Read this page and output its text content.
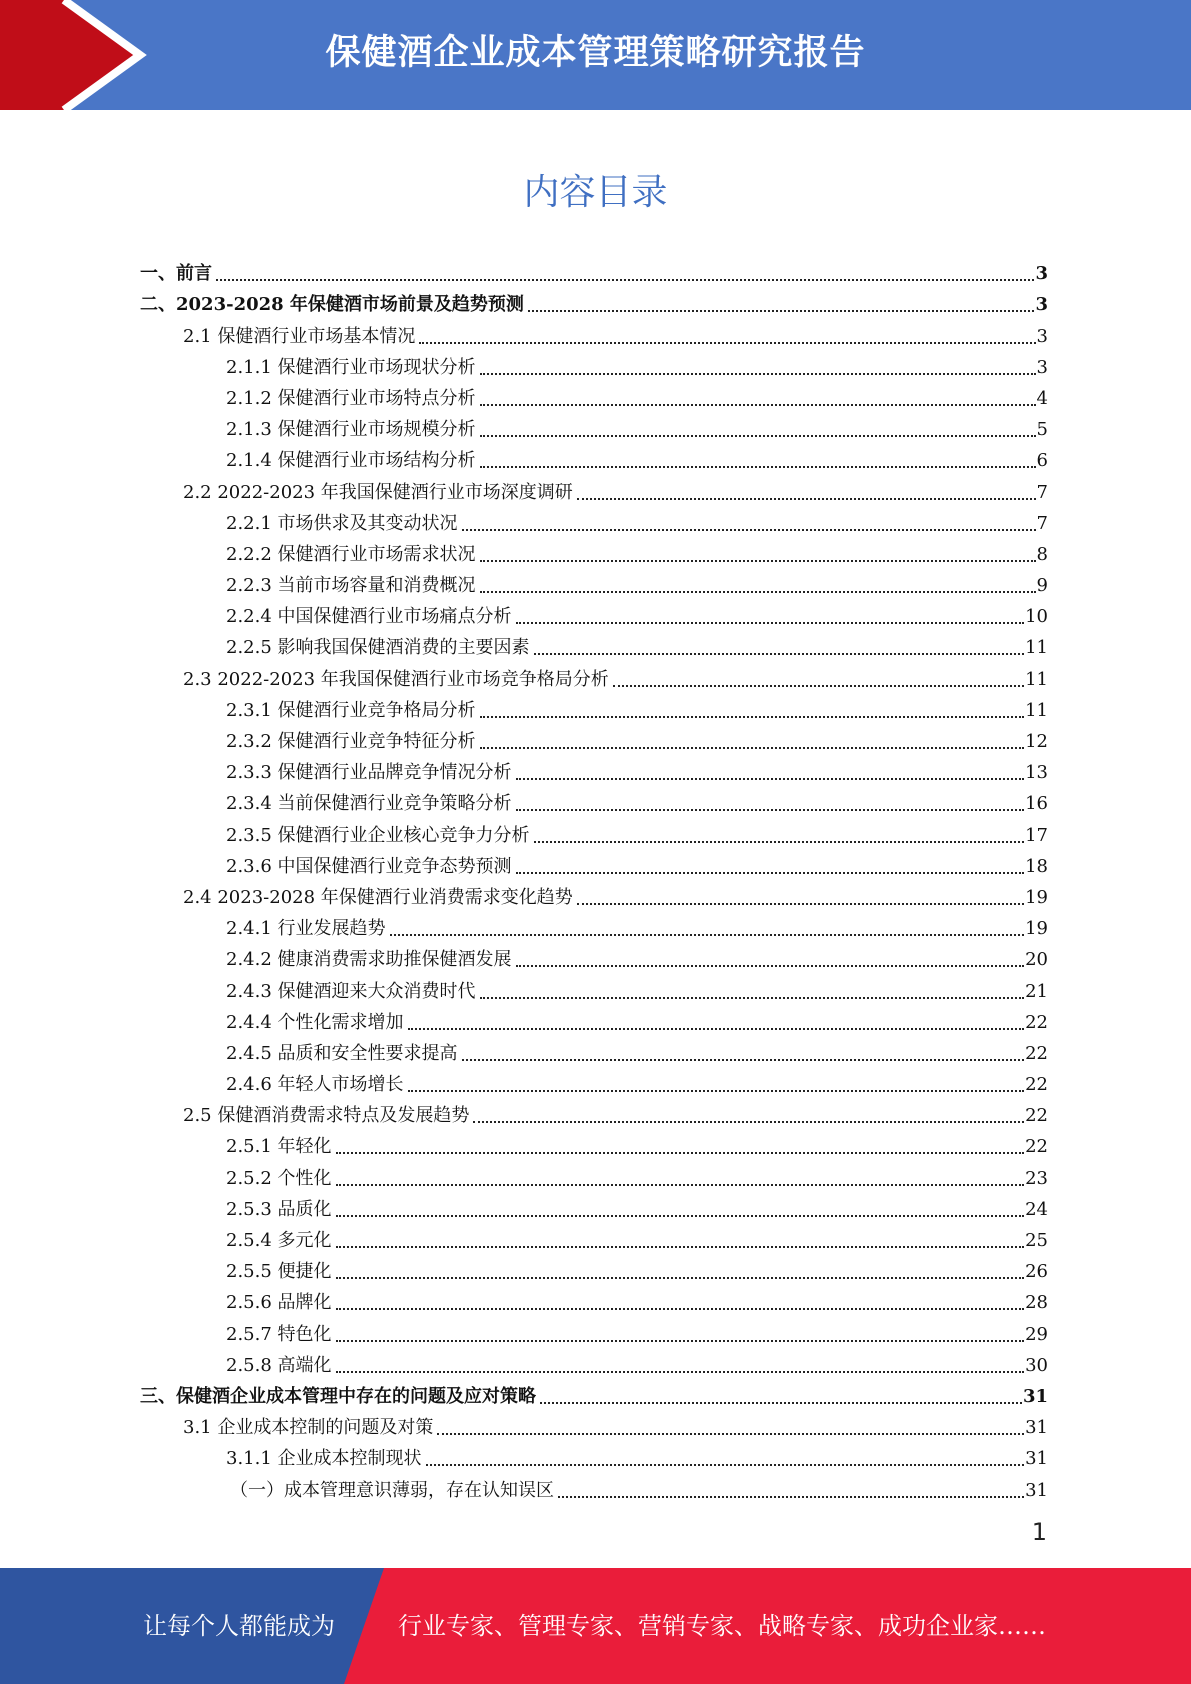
保健酒企业成本管理策略研究报告
内容目录
一、前言	3
二、2023-2028 年保健酒市场前景及趋势预测	3
2.1 保健酒行业市场基本情况	3
2.1.1 保健酒行业市场现状分析	3
2.1.2 保健酒行业市场特点分析	4
2.1.3 保健酒行业市场规模分析	5
2.1.4 保健酒行业市场结构分析	6
2.2 2022-2023 年我国保健酒行业市场深度调研	7
2.2.1 市场供求及其变动状况	7
2.2.2 保健酒行业市场需求状况	8
2.2.3 当前市场容量和消费概况	9
2.2.4 中国保健酒行业市场痛点分析	10
2.2.5 影响我国保健酒消费的主要因素	11
2.3 2022-2023 年我国保健酒行业市场竞争格局分析	11
2.3.1 保健酒行业竞争格局分析	11
2.3.2 保健酒行业竞争特征分析	12
2.3.3 保健酒行业品牌竞争情况分析	13
2.3.4 当前保健酒行业竞争策略分析	16
2.3.5 保健酒行业企业核心竞争力分析	17
2.3.6 中国保健酒行业竞争态势预测	18
2.4 2023-2028 年保健酒行业消费需求变化趋势	19
2.4.1 行业发展趋势	19
2.4.2 健康消费需求助推保健酒发展	20
2.4.3 保健酒迎来大众消费时代	21
2.4.4 个性化需求增加	22
2.4.5 品质和安全性要求提高	22
2.4.6 年轻人市场增长	22
2.5 保健酒消费需求特点及发展趋势	22
2.5.1 年轻化	22
2.5.2 个性化	23
2.5.3 品质化	24
2.5.4 多元化	25
2.5.5 便捷化	26
2.5.6 品牌化	28
2.5.7 特色化	29
2.5.8 高端化	30
三、保健酒企业成本管理中存在的问题及应对策略	31
3.1 企业成本控制的问题及对策	31
3.1.1 企业成本控制现状	31
（一）成本管理意识薄弱，存在认知误区	31
1
让每个人都能成为	行业专家、管理专家、营销专家、战略专家、成功企业家……
